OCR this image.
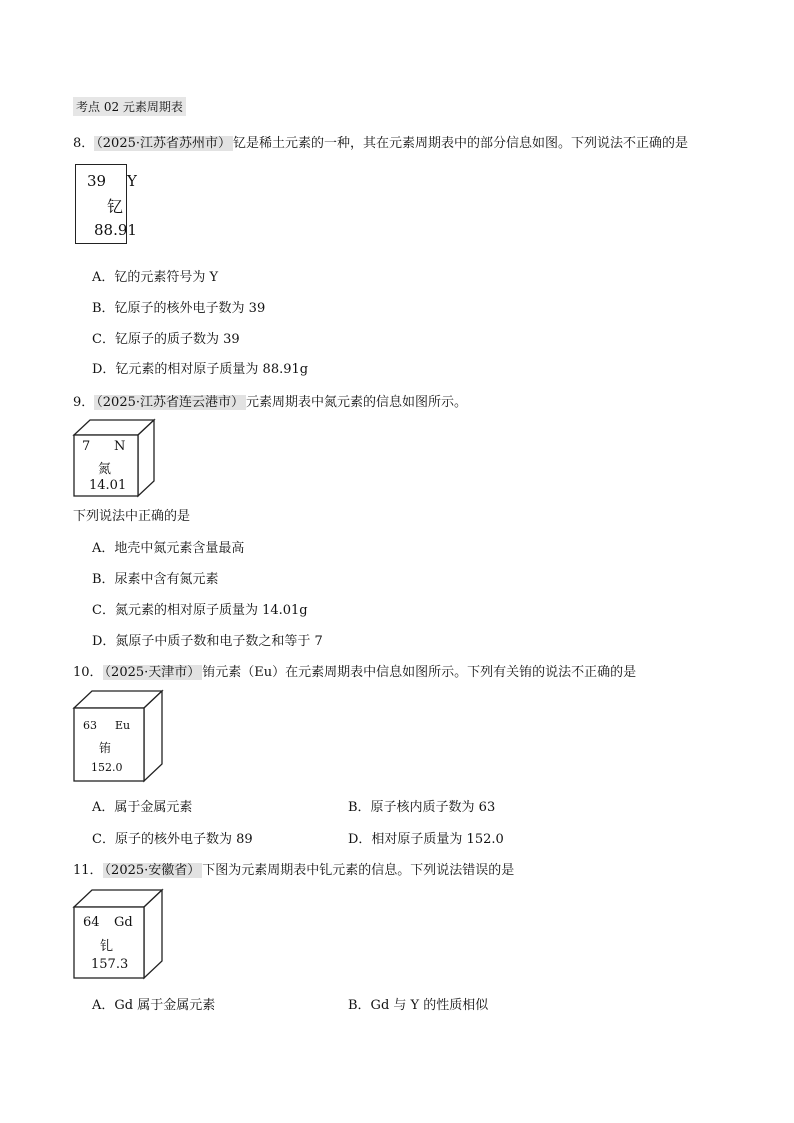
考点 02 元素周期表
8． （2025·江苏省苏州市） 钇是稀土元素的一种，其在元素周期表中的部分信息如图。下列说法不正确的是
39 Y
钇
88.91
A．钇的元素符号为 Y
B．钇原子的核外电子数为 39
C．钇原子的质子数为 39
D．钇元素的相对原子质量为 88.91g
9． （2025·江苏省连云港市） 元素周期表中氮元素的信息如图所示。
7 N
氮
14.01
下列说法中正确的是
A．地壳中氮元素含量最高
B．尿素中含有氮元素
C．氮元素的相对原子质量为 14.01g
D．氮原子中质子数和电子数之和等于 7
10． （2025·天津市） 铕元素（Eu）在元素周期表中信息如图所示。下列有关铕的说法不正确的是
63 Eu
铕
152.0
A．属于金属元素	B．原子核内质子数为 63
C．原子的核外电子数为 89	D．相对原子质量为 152.0
11． （2025·安徽省） 下图为元素周期表中钆元素的信息。下列说法错误的是
64 Gd
钆
157.3
A．Gd 属于金属元素	B．Gd 与 Y 的性质相似
